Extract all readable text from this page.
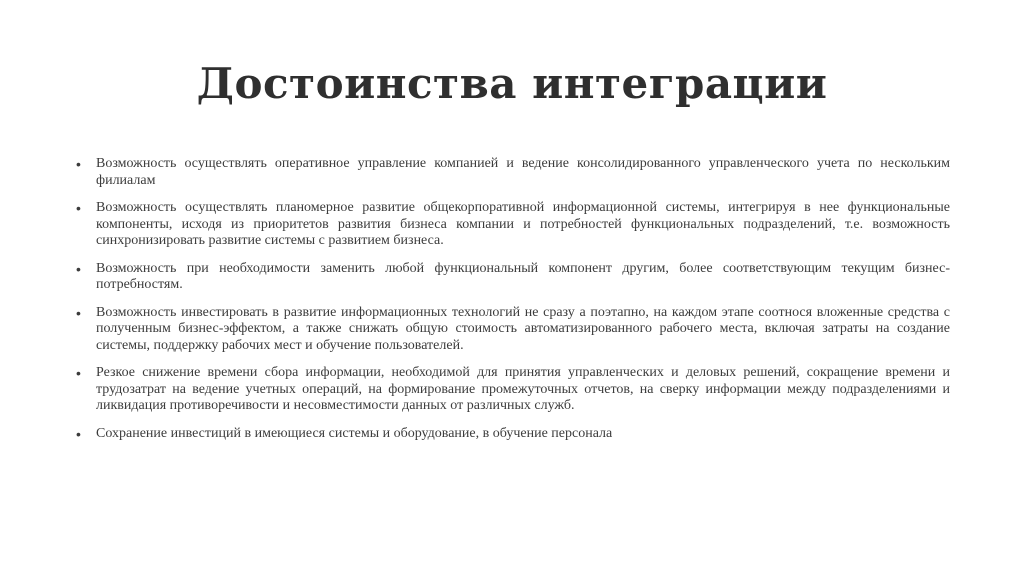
Достоинства интеграции
•	Возможность осуществлять оперативное управление компанией и ведение консолидированного управленческого учета по нескольким филиалам
•	Возможность осуществлять планомерное развитие общекорпоративной информационной системы, интегрируя в нее функциональные компоненты, исходя из приоритетов развития бизнеса компании и потребностей функциональных подразделений, т.е. возможность синхронизировать развитие системы с развитием бизнеса.
•	Возможность при необходимости заменить любой функциональный компонент другим, более соответствующим текущим бизнес-потребностям.
•	Возможность инвестировать в развитие информационных технологий не сразу а поэтапно, на каждом этапе соотнося вложенные средства с полученным бизнес-эффектом, а также снижать общую стоимость автоматизированного рабочего места, включая затраты на создание системы, поддержку рабочих мест и обучение пользователей.
•	Резкое снижение времени сбора информации, необходимой для принятия управленческих и деловых решений, сокращение времени и трудозатрат на ведение учетных операций, на формирование промежуточных отчетов, на сверку информации между подразделениями и ликвидация противоречивости и несовместимости данных от различных служб.
•	Сохранение инвестиций в имеющиеся системы и оборудование, в обучение персонала
